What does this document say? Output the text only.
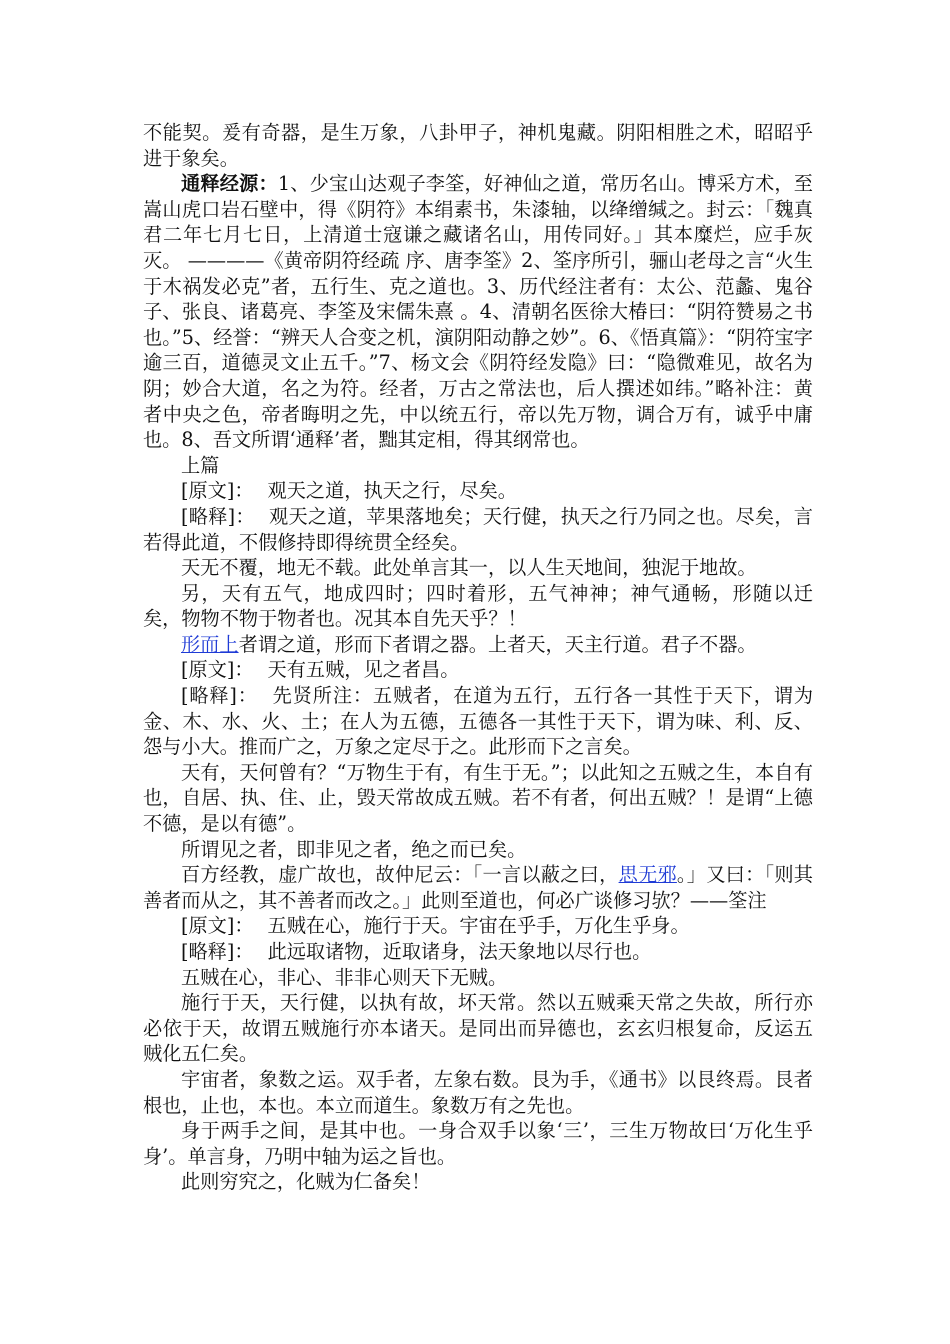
不能契。爰有奇器，是生万象，八卦甲子，神机鬼藏。阴阳相胜之术，昭昭乎进于象矣。

通释经源：1、少宝山达观子李筌，好神仙之道，常历名山。博采方术，至嵩山虎口岩石壁中，得《阴符》本绢素书，朱漆轴，以绛缯缄之。封云：「魏真君二年七月七日，上清道士寇谦之藏诸名山，用传同好。」其本糜烂，应手灰灭。 ————《黄帝阴符经疏 序、唐李筌》2、筌序所引，骊山老母之言“火生于木祸发必克”者，五行生、克之道也。3、历代经注者有：太公、范蠡、鬼谷子、张良、诸葛亮、李筌及宋儒朱熹 。4、清朝名医徐大椿曰：“阴符赞易之书也。”5、经誉：“辨天人合变之机，演阴阳动静之妙”。6、《悟真篇》：“阴符宝字逾三百，道德灵文止五千。”7、杨文会《阴符经发隐》曰：“隐微难见，故名为阴；妙合大道，名之为符。经者，万古之常法也，后人撰述如纬。”略补注：黄者中央之色，帝者晦明之先，中以统五行，帝以先万物，调合万有，诚乎中庸也。8、吾文所谓‘通释’者，黜其定相，得其纲常也。

上篇

[原文]： 观天之道，执天之行，尽矣。

[略释]： 观天之道，苹果落地矣；天行健，执天之行乃同之也。尽矣，言若得此道，不假修持即得统贯全经矣。

天无不覆，地无不载。此处单言其一，以人生天地间，独泥于地故。

另，天有五气，地成四时；四时着形，五气神神；神气通畅，形随以迁矣，物物不物于物者也。况其本自先天乎？！

形而上者谓之道，形而下者谓之器。上者天，天主行道。君子不器。

[原文]： 天有五贼，见之者昌。

[略释]： 先贤所注：五贼者，在道为五行，五行各一其性于天下，谓为金、木、水、火、土；在人为五德，五德各一其性于天下，谓为味、利、反、怨与小大。推而广之，万象之定尽于之。此形而下之言矣。

天有，天何曾有？“万物生于有，有生于无。”；以此知之五贼之生，本自有也，自居、执、住、止，毁天常故成五贼。若不有者，何出五贼？！是谓“上德不德，是以有德”。

所谓见之者，即非见之者，绝之而已矣。

百方经教，虚广故也，故仲尼云：「一言以蔽之曰，思无邪。」又曰：「则其善者而从之，其不善者而改之。」此则至道也，何必广谈修习欤？——筌注

[原文]： 五贼在心，施行于天。宇宙在乎手，万化生乎身。

[略释]： 此远取诸物，近取诸身，法天象地以尽行也。

五贼在心，非心、非非心则天下无贼。

施行于天，天行健，以执有故，坏天常。然以五贼乘天常之失故，所行亦必依于天，故谓五贼施行亦本诸天。是同出而异德也，玄玄归根复命，反运五贼化五仁矣。

宇宙者，象数之运。双手者，左象右数。艮为手，《通书》以艮终焉。艮者根也，止也，本也。本立而道生。象数万有之先也。

身于两手之间，是其中也。一身合双手以象‘三’，三生万物故曰‘万化生乎身’。单言身，乃明中轴为运之旨也。

此则穷究之，化贼为仁备矣！
